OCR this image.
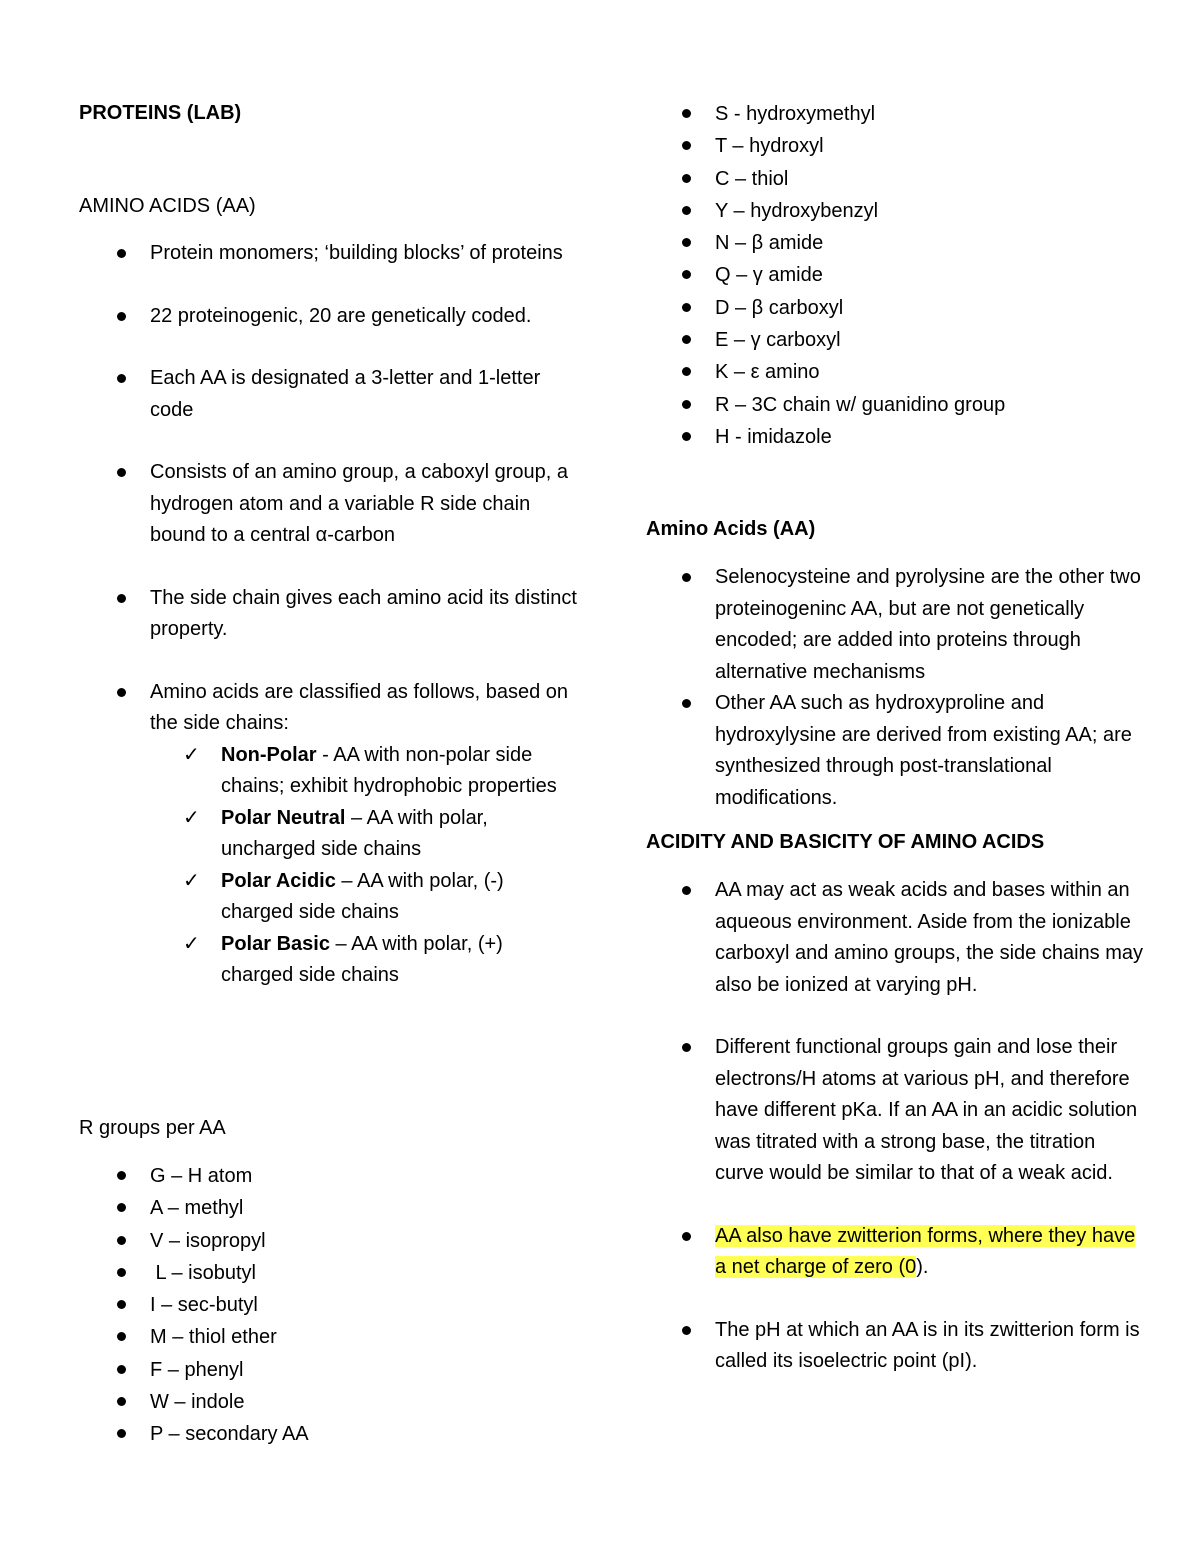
PROTEINS (LAB)

AMINO ACIDS (AA)

Protein monomers; ‘building blocks’ of proteins
22 proteinogenic, 20 are genetically coded.
Each AA is designated a 3-letter and 1-letter code
Consists of an amino group, a caboxyl group, a hydrogen atom and a variable R side chain bound to a central α-carbon
The side chain gives each amino acid its distinct property.
Amino acids are classified as follows, based on the side chains:
✓ Non-Polar - AA with non-polar side chains; exhibit hydrophobic properties
✓ Polar Neutral – AA with polar, uncharged side chains
✓ Polar Acidic – AA with polar, (-) charged side chains
✓ Polar Basic – AA with polar, (+) charged side chains

R groups per AA

G – H atom
A – methyl
V – isopropyl
L – isobutyl
I – sec-butyl
M – thiol ether
F – phenyl
W – indole
P – secondary AA
S - hydroxymethyl
T – hydroxyl
C – thiol
Y – hydroxybenzyl
N – β amide
Q – γ amide
D – β carboxyl
E – γ carboxyl
K – ε amino
R – 3C chain w/ guanidino group
H - imidazole

Amino Acids (AA)

Selenocysteine and pyrolysine are the other two proteinogeninc AA, but are not genetically encoded; are added into proteins through alternative mechanisms
Other AA such as hydroxyproline and hydroxylysine are derived from existing AA; are synthesized through post-translational modifications.

ACIDITY AND BASICITY OF AMINO ACIDS

AA may act as weak acids and bases within an aqueous environment. Aside from the ionizable carboxyl and amino groups, the side chains may also be ionized at varying pH.
Different functional groups gain and lose their electrons/H atoms at various pH, and therefore have different pKa. If an AA in an acidic solution was titrated with a strong base, the titration curve would be similar to that of a weak acid.
AA also have zwitterion forms, where they have a net charge of zero (0).
The pH at which an AA is in its zwitterion form is called its isoelectric point (pI).
